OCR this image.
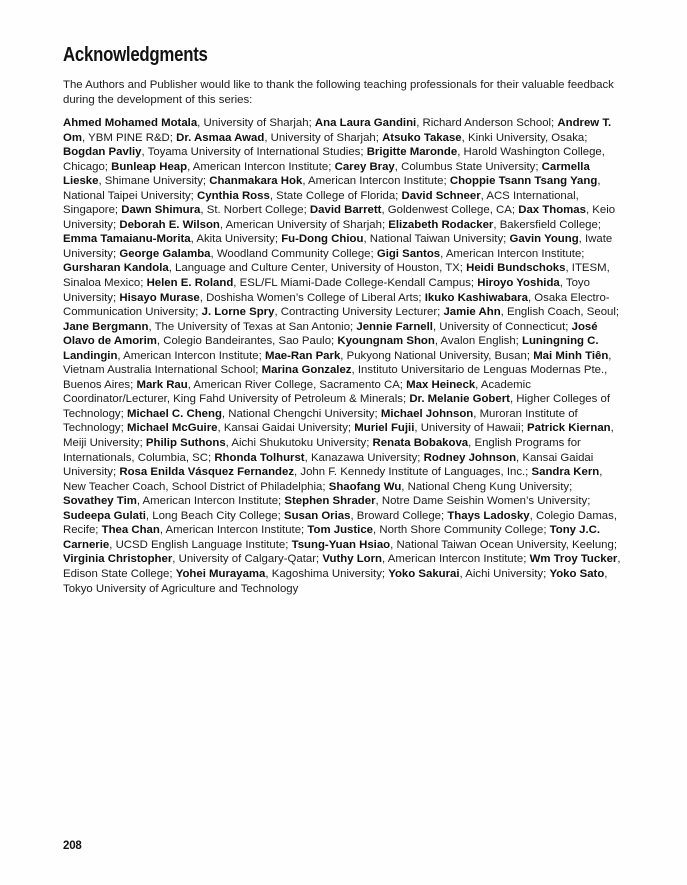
Acknowledgments

The Authors and Publisher would like to thank the following teaching professionals for their valuable feedback during the development of this series:

Ahmed Mohamed Motala, University of Sharjah; Ana Laura Gandini, Richard Anderson School; Andrew T. Om, YBM PINE R&D; Dr. Asmaa Awad, University of Sharjah; Atsuko Takase, Kinki University, Osaka; Bogdan Pavliy, Toyama University of International Studies; Brigitte Maronde, Harold Washington College, Chicago; Bunleap Heap, American Intercon Institute; Carey Bray, Columbus State University; Carmella Lieske, Shimane University; Chanmakara Hok, American Intercon Institute; Choppie Tsann Tsang Yang, National Taipei University; Cynthia Ross, State College of Florida; David Schneer, ACS International, Singapore; Dawn Shimura, St. Norbert College; David Barrett, Goldenwest College, CA; Dax Thomas, Keio University; Deborah E. Wilson, American University of Sharjah; Elizabeth Rodacker, Bakersfield College; Emma Tamaianu-Morita, Akita University; Fu-Dong Chiou, National Taiwan University; Gavin Young, Iwate University; George Galamba, Woodland Community College; Gigi Santos, American Intercon Institute; Gursharan Kandola, Language and Culture Center, University of Houston, TX; Heidi Bundschoks, ITESM, Sinaloa Mexico; Helen E. Roland, ESL/FL Miami-Dade College-Kendall Campus; Hiroyo Yoshida, Toyo University; Hisayo Murase, Doshisha Women’s College of Liberal Arts; Ikuko Kashiwabara, Osaka Electro-Communication University; J. Lorne Spry, Contracting University Lecturer; Jamie Ahn, English Coach, Seoul; Jane Bergmann, The University of Texas at San Antonio; Jennie Farnell, University of Connecticut; José Olavo de Amorim, Colegio Bandeirantes, Sao Paulo; Kyoungnam Shon, Avalon English; Luningning C. Landingin, American Intercon Institute; Mae-Ran Park, Pukyong National University, Busan; Mai Minh Tiên, Vietnam Australia International School; Marina Gonzalez, Instituto Universitario de Lenguas Modernas Pte., Buenos Aires; Mark Rau, American River College, Sacramento CA; Max Heineck, Academic Coordinator/Lecturer, King Fahd University of Petroleum & Minerals; Dr. Melanie Gobert, Higher Colleges of Technology; Michael C. Cheng, National Chengchi University; Michael Johnson, Muroran Institute of Technology; Michael McGuire, Kansai Gaidai University; Muriel Fujii, University of Hawaii; Patrick Kiernan, Meiji University; Philip Suthons, Aichi Shukutoku University; Renata Bobakova, English Programs for Internationals, Columbia, SC; Rhonda Tolhurst, Kanazawa University; Rodney Johnson, Kansai Gaidai University; Rosa Enilda Vásquez Fernandez, John F. Kennedy Institute of Languages, Inc.; Sandra Kern, New Teacher Coach, School District of Philadelphia; Shaofang Wu, National Cheng Kung University; Sovathey Tim, American Intercon Institute; Stephen Shrader, Notre Dame Seishin Women’s University; Sudeepa Gulati, Long Beach City College; Susan Orias, Broward College; Thays Ladosky, Colegio Damas, Recife; Thea Chan, American Intercon Institute; Tom Justice, North Shore Community College; Tony J.C. Carnerie, UCSD English Language Institute; Tsung-Yuan Hsiao, National Taiwan Ocean University, Keelung; Virginia Christopher, University of Calgary-Qatar; Vuthy Lorn, American Intercon Institute; Wm Troy Tucker, Edison State College; Yohei Murayama, Kagoshima University; Yoko Sakurai, Aichi University; Yoko Sato, Tokyo University of Agriculture and Technology

208
